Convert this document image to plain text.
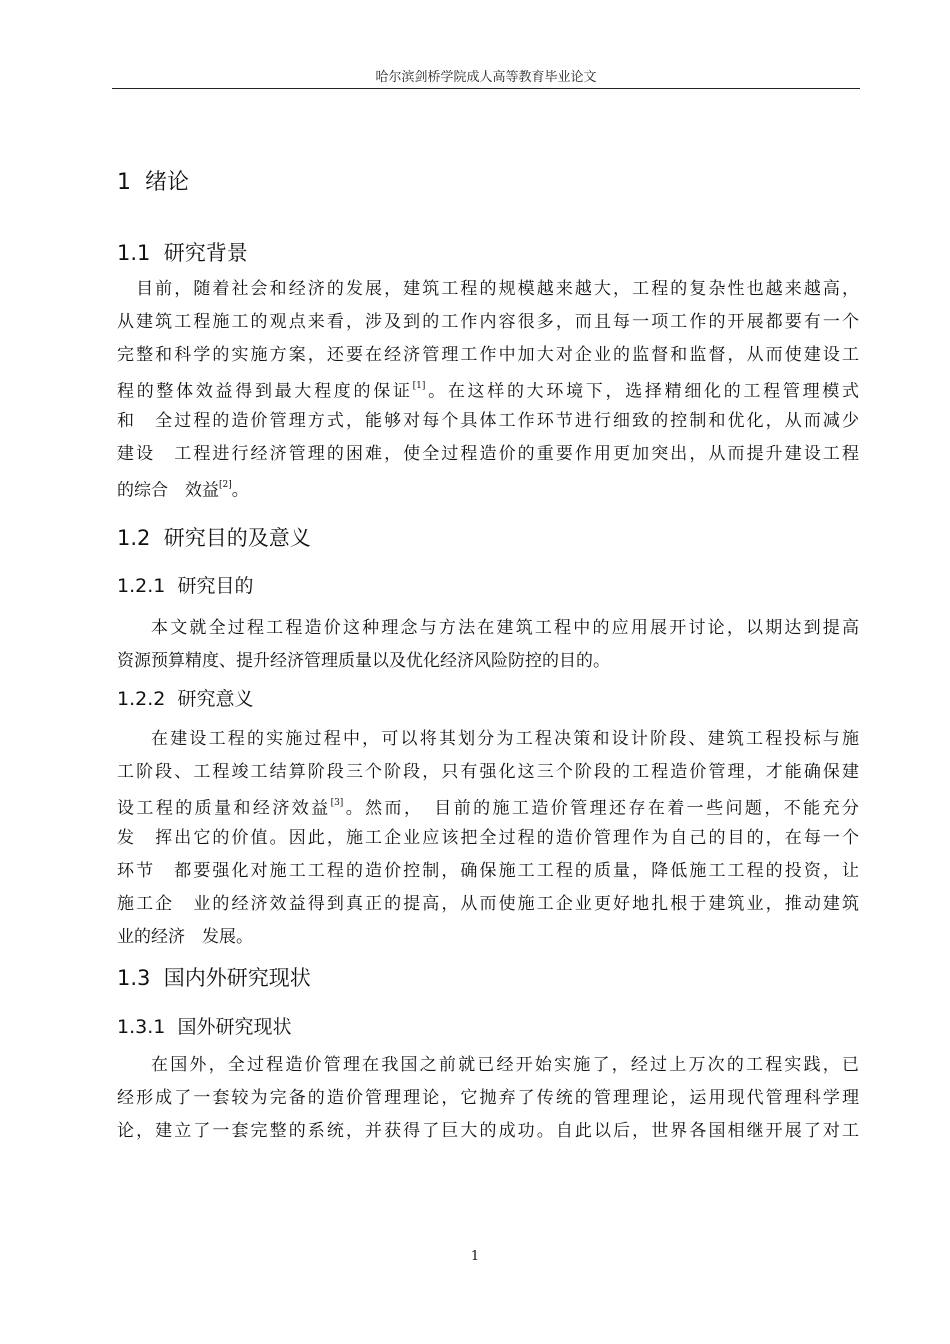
哈尔滨剑桥学院成人高等教育毕业论文
1 绪论
1.1 研究背景
　目前，随着社会和经济的发展，建筑工程的规模越来越大，工程的复杂性也越来越高，
从建筑工程施工的观点来看，涉及到的工作内容很多，而且每一项工作的开展都要有一个
完整和科学的实施方案，还要在经济管理工作中加大对企业的监督和监督，从而使建设工
程的整体效益得到最大程度的保证[1]。在这样的大环境下，选择精细化的工程管理模式
和　全过程的造价管理方式，能够对每个具体工作环节进行细致的控制和优化，从而减少
建设　工程进行经济管理的困难，使全过程造价的重要作用更加突出，从而提升建设工程
的综合　效益[2]。
1.2 研究目的及意义
1.2.1 研究目的
本文就全过程工程造价这种理念与方法在建筑工程中的应用展开讨论，以期达到提高
资源预算精度、提升经济管理质量以及优化经济风险防控的目的。
1.2.2 研究意义
在建设工程的实施过程中，可以将其划分为工程决策和设计阶段、建筑工程投标与施
工阶段、工程竣工结算阶段三个阶段，只有强化这三个阶段的工程造价管理，才能确保建
设工程的质量和经济效益[3]。然而，　目前的施工造价管理还存在着一些问题，不能充分
发　挥出它的价值。因此，施工企业应该把全过程的造价管理作为自己的目的，在每一个
环节　都要强化对施工工程的造价控制，确保施工工程的质量，降低施工工程的投资，让
施工企　业的经济效益得到真正的提高，从而使施工企业更好地扎根于建筑业，推动建筑
业的经济　发展。
1.3 国内外研究现状
1.3.1 国外研究现状
在国外，全过程造价管理在我国之前就已经开始实施了，经过上万次的工程实践，已
经形成了一套较为完备的造价管理理论，它抛弃了传统的管理理论，运用现代管理科学理
论，建立了一套完整的系统，并获得了巨大的成功。自此以后，世界各国相继开展了对工
1
